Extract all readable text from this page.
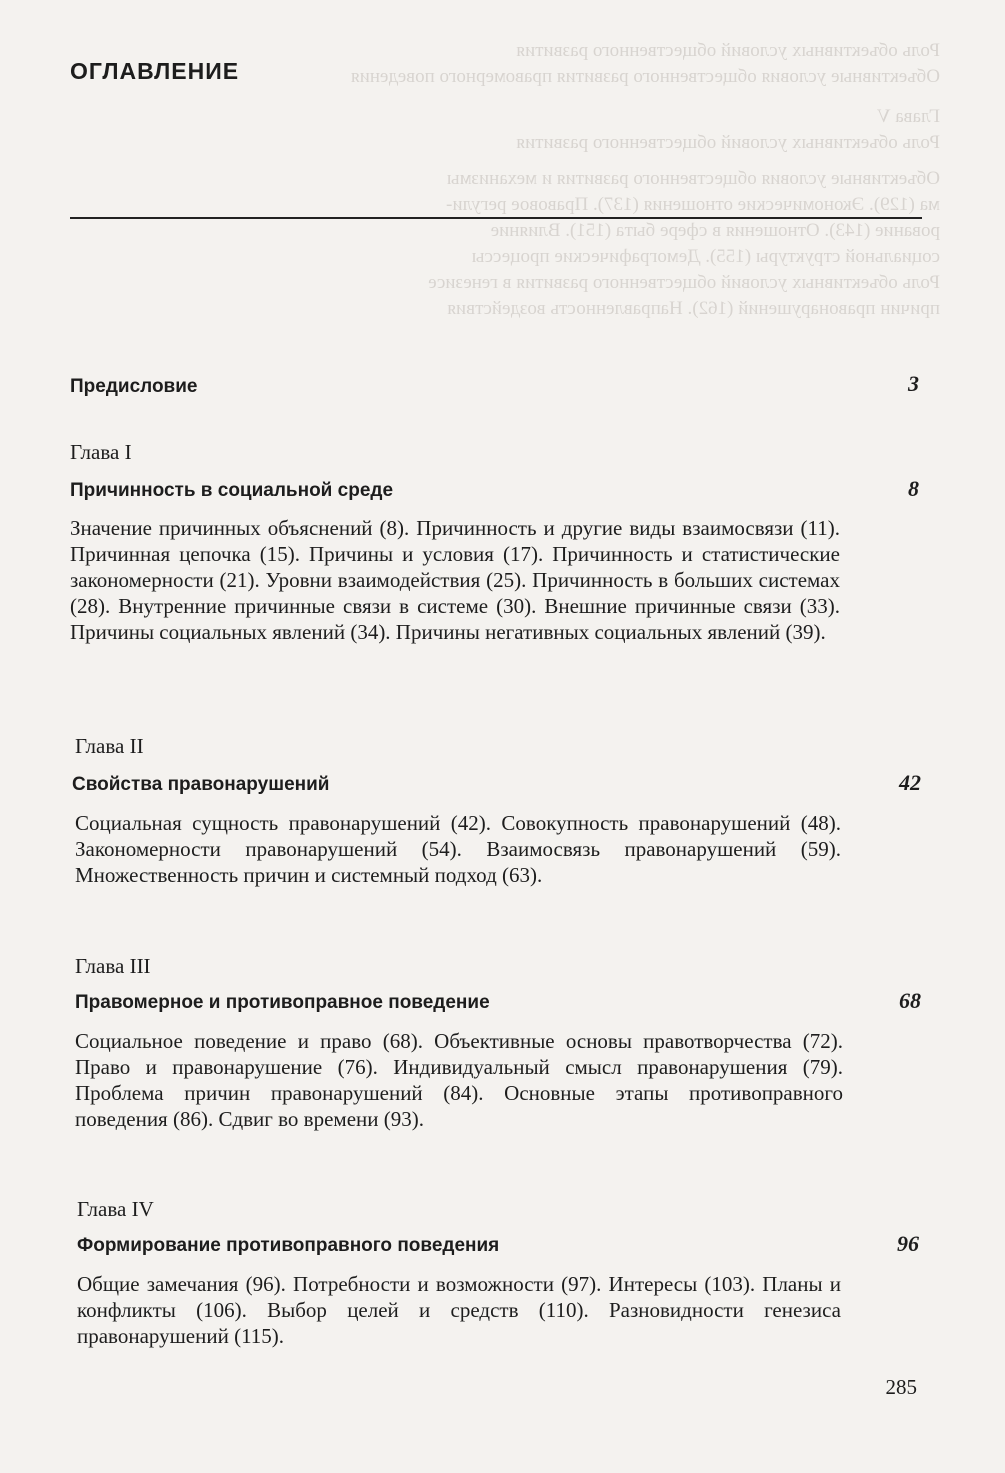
Роль объективных условий общественного развития
Объективные условия общественного развития правомерного поведения
Глава V
Роль объективных условий общественного развития
Объективные условия общественного развития и механизмы
ма (129). Экономические отношения (137). Правовое регули-
рование (143). Отношения в сфере быта (151). Влияние
социальной структуры (155). Демографические процессы
Роль объективных условий общественного развития в генезисе
причин правонарушений (162). Направленность воздействия
ОГЛАВЛЕНИЕ
Предисловие	3
Глава I
Причинность в социальной среде	8
Значение причинных объяснений (8). Причинность и другие виды взаимосвязи (11). Причинная цепочка (15). Причины и условия (17). Причинность и статистические закономерности (21). Уровни взаимодействия (25). Причинность в больших системах (28). Внутренние причинные связи в системе (30). Внешние причинные связи (33). Причины социальных явлений (34). Причины негативных социальных явлений (39).
Глава II
Свойства правонарушений	42
Социальная сущность правонарушений (42). Совокупность правонарушений (48). Закономерности правонарушений (54). Взаимосвязь правонарушений (59). Множественность причин и системный подход (63).
Глава III
Правомерное и противоправное поведение	68
Социальное поведение и право (68). Объективные основы правотворчества (72). Право и правонарушение (76). Индивидуальный смысл правонарушения (79). Проблема причин правонарушений (84). Основные этапы противоправного поведения (86). Сдвиг во времени (93).
Глава IV
Формирование противоправного поведения	96
Общие замечания (96). Потребности и возможности (97). Интересы (103). Планы и конфликты (106). Выбор целей и средств (110). Разновидности генезиса правонарушений (115).
285
